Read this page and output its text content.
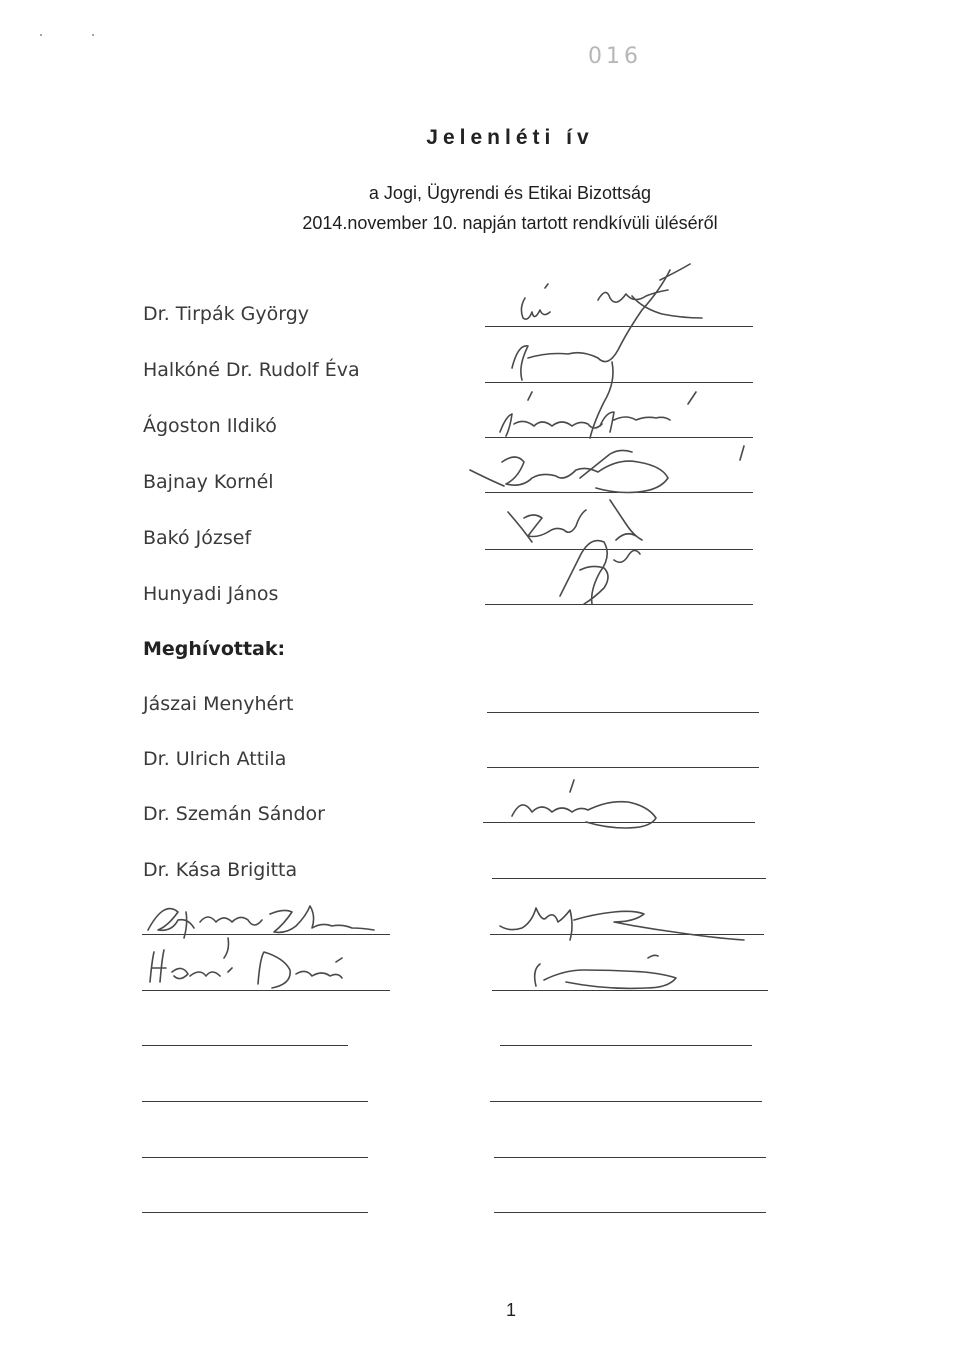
016
Jelenléti ív
a Jogi, Ügyrendi és Etikai Bizottság
2014.november 10. napján tartott rendkívüli üléséről
Dr. Tirpák György
Halkóné Dr. Rudolf Éva
Ágoston Ildikó
Bajnay Kornél
Bakó József
Hunyadi János
Meghívottak:
Jászai Menyhért
Dr. Ulrich Attila
Dr. Szemán Sándor
Dr. Kása Brigitta
1
